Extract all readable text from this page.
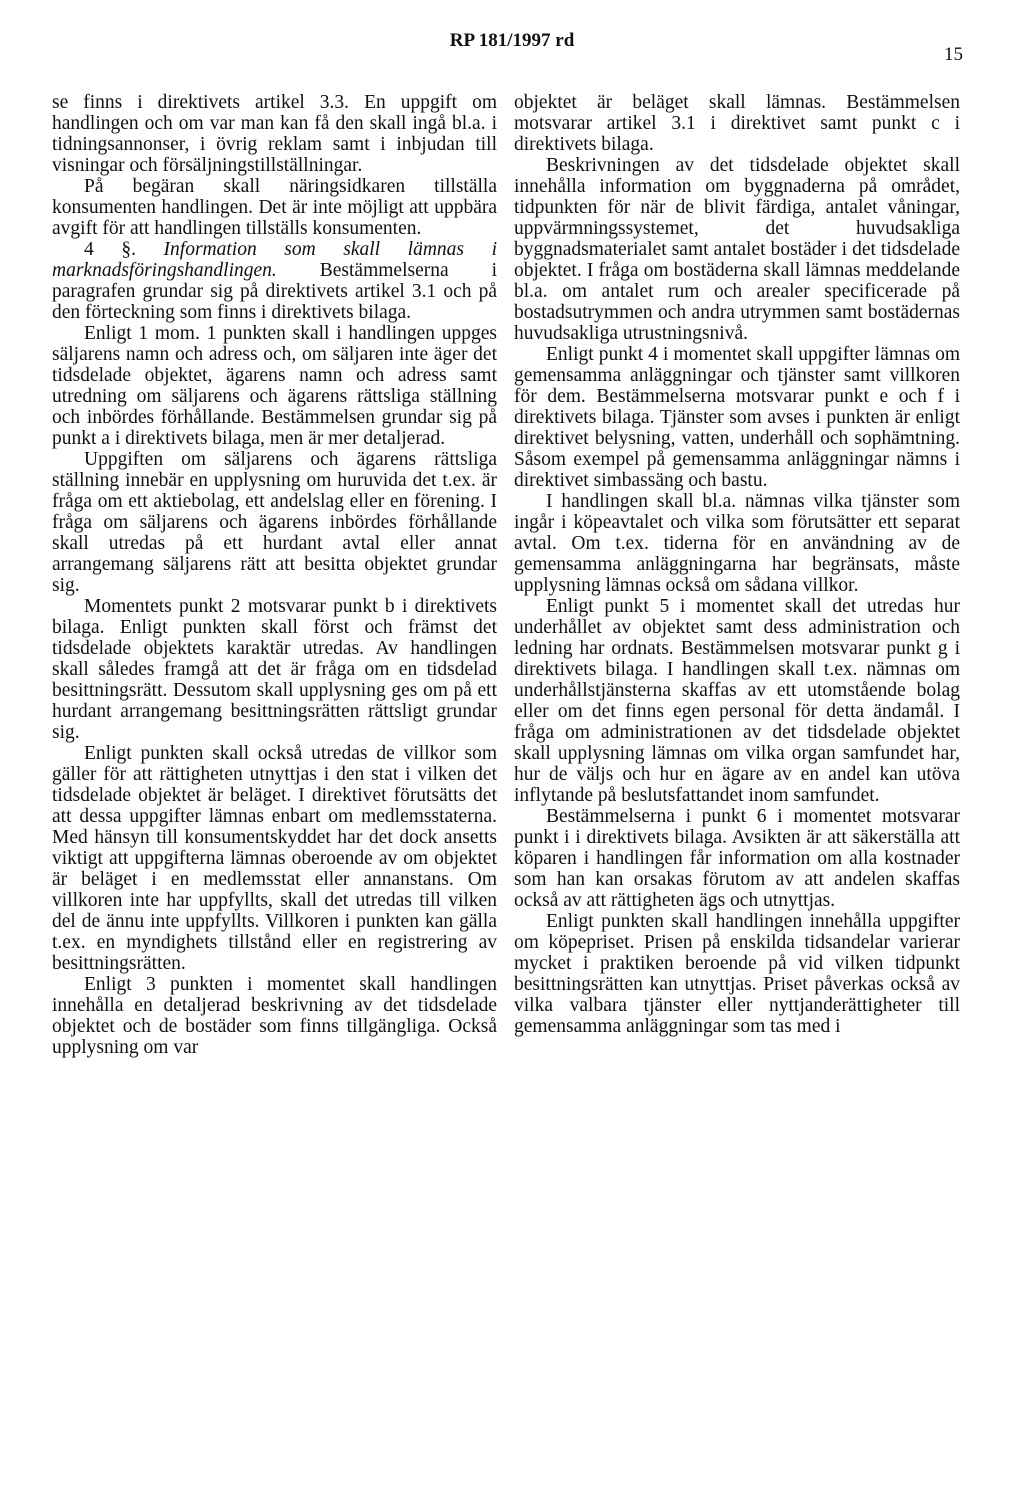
RP 181/1997 rd
15

se finns i direktivets artikel 3.3. En uppgift om handlingen och om var man kan få den skall ingå bl.a. i tidningsannonser, i övrig reklam samt i inbjudan till visningar och försäljningstillställningar.

På begäran skall näringsidkaren tillställa konsumenten handlingen. Det är inte möjligt att uppbära avgift för att handlingen tillställs konsumenten.

4 §. Information som skall lämnas i marknadsföringshandlingen. Bestämmelserna i paragrafen grundar sig på direktivets artikel 3.1 och på den förteckning som finns i direktivets bilaga.

Enligt 1 mom. 1 punkten skall i handlingen uppges säljarens namn och adress och, om säljaren inte äger det tidsdelade objektet, ägarens namn och adress samt utredning om säljarens och ägarens rättsliga ställning och inbördes förhållande. Bestämmelsen grundar sig på punkt a i direktivets bilaga, men är mer detaljerad.

Uppgiften om säljarens och ägarens rättsliga ställning innebär en upplysning om huruvida det t.ex. är fråga om ett aktiebolag, ett andelslag eller en förening. I fråga om säljarens och ägarens inbördes förhållande skall utredas på ett hurdant avtal eller annat arrangemang säljarens rätt att besitta objektet grundar sig.

Momentets punkt 2 motsvarar punkt b i direktivets bilaga. Enligt punkten skall först och främst det tidsdelade objektets karaktär utredas. Av handlingen skall således framgå att det är fråga om en tidsdelad besittningsrätt. Dessutom skall upplysning ges om på ett hurdant arrangemang besittningsrätten rättsligt grundar sig.

Enligt punkten skall också utredas de villkor som gäller för att rättigheten utnyttjas i den stat i vilken det tidsdelade objektet är beläget. I direktivet förutsätts det att dessa uppgifter lämnas enbart om medlemsstaterna. Med hänsyn till konsumentskyddet har det dock ansetts viktigt att uppgifterna lämnas oberoende av om objektet är beläget i en medlemsstat eller annanstans. Om villkoren inte har uppfyllts, skall det utredas till vilken del de ännu inte uppfyllts. Villkoren i punkten kan gälla t.ex. en myndighets tillstånd eller en registrering av besittningsrätten.

Enligt 3 punkten i momentet skall handlingen innehålla en detaljerad beskrivning av det tidsdelade objektet och de bostäder som finns tillgängliga. Också upplysning om var

objektet är beläget skall lämnas. Bestämmelsen motsvarar artikel 3.1 i direktivet samt punkt c i direktivets bilaga.

Beskrivningen av det tidsdelade objektet skall innehålla information om byggnaderna på området, tidpunkten för när de blivit färdiga, antalet våningar, uppvärmningssystemet, det huvudsakliga byggnadsmaterialet samt antalet bostäder i det tidsdelade objektet. I fråga om bostäderna skall lämnas meddelande bl.a. om antalet rum och arealer specificerade på bostadsutrymmen och andra utrymmen samt bostädernas huvudsakliga utrustningsnivå.

Enligt punkt 4 i momentet skall uppgifter lämnas om gemensamma anläggningar och tjänster samt villkoren för dem. Bestämmelserna motsvarar punkt e och f i direktivets bilaga. Tjänster som avses i punkten är enligt direktivet belysning, vatten, underhåll och sophämtning. Såsom exempel på gemensamma anläggningar nämns i direktivet simbassäng och bastu.

I handlingen skall bl.a. nämnas vilka tjänster som ingår i köpeavtalet och vilka som förutsätter ett separat avtal. Om t.ex. tiderna för en användning av de gemensamma anläggningarna har begränsats, måste upplysning lämnas också om sådana villkor.

Enligt punkt 5 i momentet skall det utredas hur underhållet av objektet samt dess administration och ledning har ordnats. Bestämmelsen motsvarar punkt g i direktivets bilaga. I handlingen skall t.ex. nämnas om underhållstjänsterna skaffas av ett utomstående bolag eller om det finns egen personal för detta ändamål. I fråga om administrationen av det tidsdelade objektet skall upplysning lämnas om vilka organ samfundet har, hur de väljs och hur en ägare av en andel kan utöva inflytande på beslutsfattandet inom samfundet.

Bestämmelserna i punkt 6 i momentet motsvarar punkt i i direktivets bilaga. Avsikten är att säkerställa att köparen i handlingen får information om alla kostnader som han kan orsakas förutom av att andelen skaffas också av att rättigheten ägs och utnyttjas.

Enligt punkten skall handlingen innehålla uppgifter om köpepriset. Prisen på enskilda tidsandelar varierar mycket i praktiken beroende på vid vilken tidpunkt besittningsrätten kan utnyttjas. Priset påverkas också av vilka valbara tjänster eller nyttjanderättigheter till gemensamma anläggningar som tas med i
